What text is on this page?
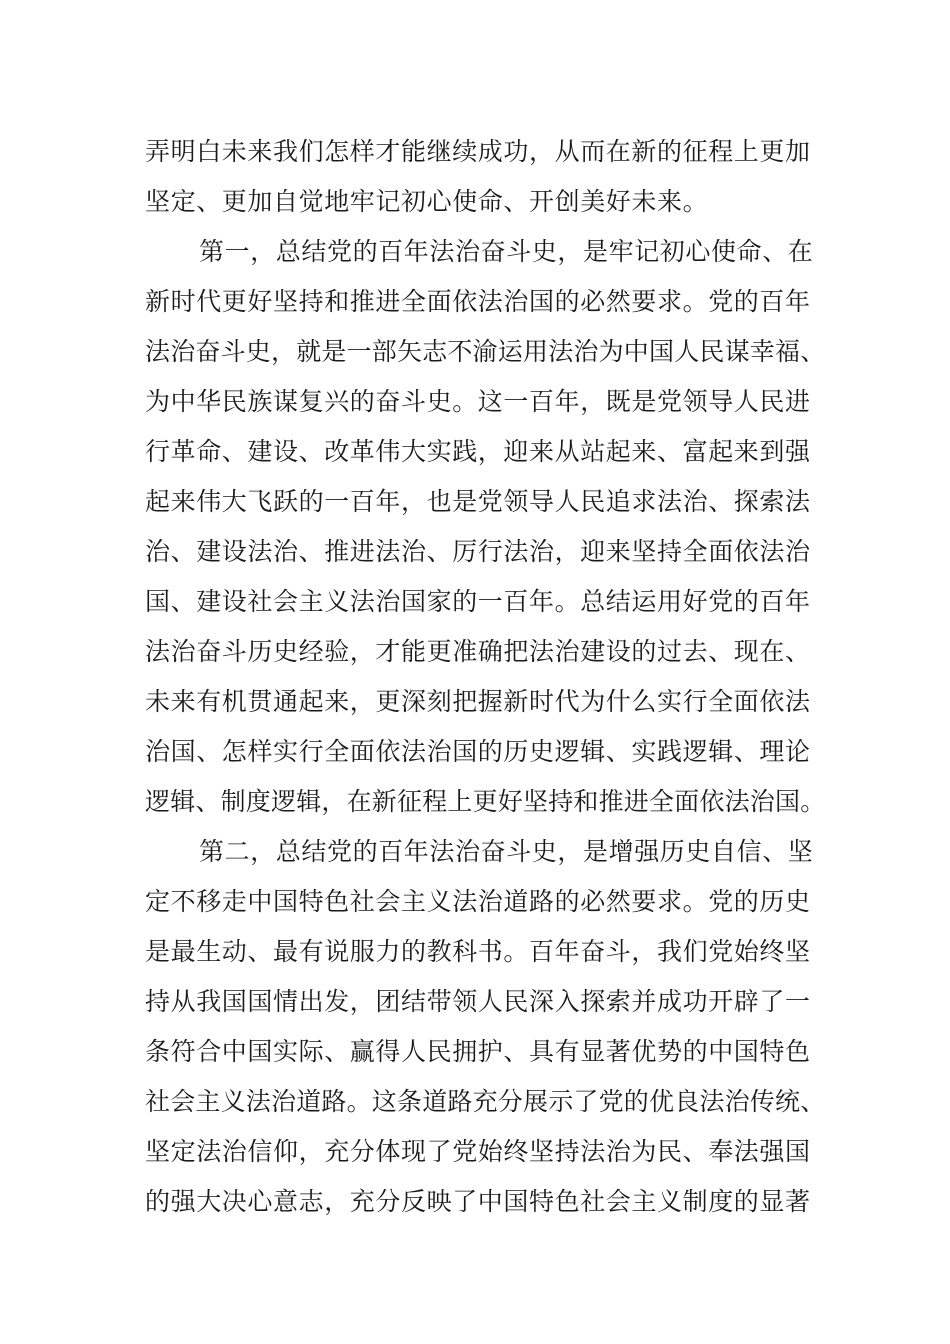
弄明白未来我们怎样才能继续成功，从而在新的征程上更加
坚定、更加自觉地牢记初心使命、开创美好未来。
第一，总结党的百年法治奋斗史，是牢记初心使命、在
新时代更好坚持和推进全面依法治国的必然要求。党的百年
法治奋斗史，就是一部矢志不渝运用法治为中国人民谋幸福、
为中华民族谋复兴的奋斗史。这一百年，既是党领导人民进
行革命、建设、改革伟大实践，迎来从站起来、富起来到强
起来伟大飞跃的一百年，也是党领导人民追求法治、探索法
治、建设法治、推进法治、厉行法治，迎来坚持全面依法治
国、建设社会主义法治国家的一百年。总结运用好党的百年
法治奋斗历史经验，才能更准确把法治建设的过去、现在、
未来有机贯通起来，更深刻把握新时代为什么实行全面依法
治国、怎样实行全面依法治国的历史逻辑、实践逻辑、理论
逻辑、制度逻辑，在新征程上更好坚持和推进全面依法治国。
第二，总结党的百年法治奋斗史，是增强历史自信、坚
定不移走中国特色社会主义法治道路的必然要求。党的历史
是最生动、最有说服力的教科书。百年奋斗，我们党始终坚
持从我国国情出发，团结带领人民深入探索并成功开辟了一
条符合中国实际、赢得人民拥护、具有显著优势的中国特色
社会主义法治道路。这条道路充分展示了党的优良法治传统、
坚定法治信仰，充分体现了党始终坚持法治为民、奉法强国
的强大决心意志，充分反映了中国特色社会主义制度的显著
